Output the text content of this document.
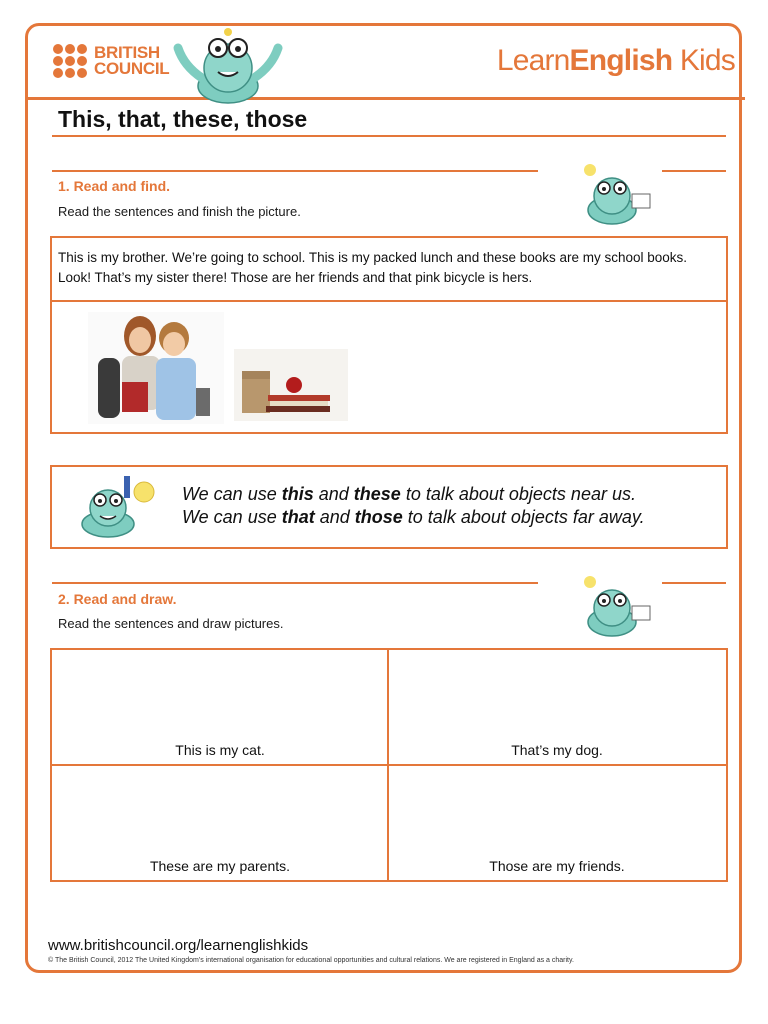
BRITISH
COUNCIL	LearnEnglish Kids
This, that, these, those
1. Read and find.
Read the sentences and finish the picture.
This is my brother. We’re going to school. This is my packed lunch and these books are my school books. Look! That’s my sister there! Those are her friends and that pink bicycle is hers.
We can use this and these to talk about objects near us.
We can use that and those to talk about objects far away.
2. Read and draw.
Read the sentences and draw pictures.
This is my cat.	That’s my dog.
These are my parents.	Those are my friends.
www.britishcouncil.org/learnenglishkids
© The British Council, 2012 The United Kingdom’s international organisation for educational opportunities and cultural relations. We are registered in England as a charity.
